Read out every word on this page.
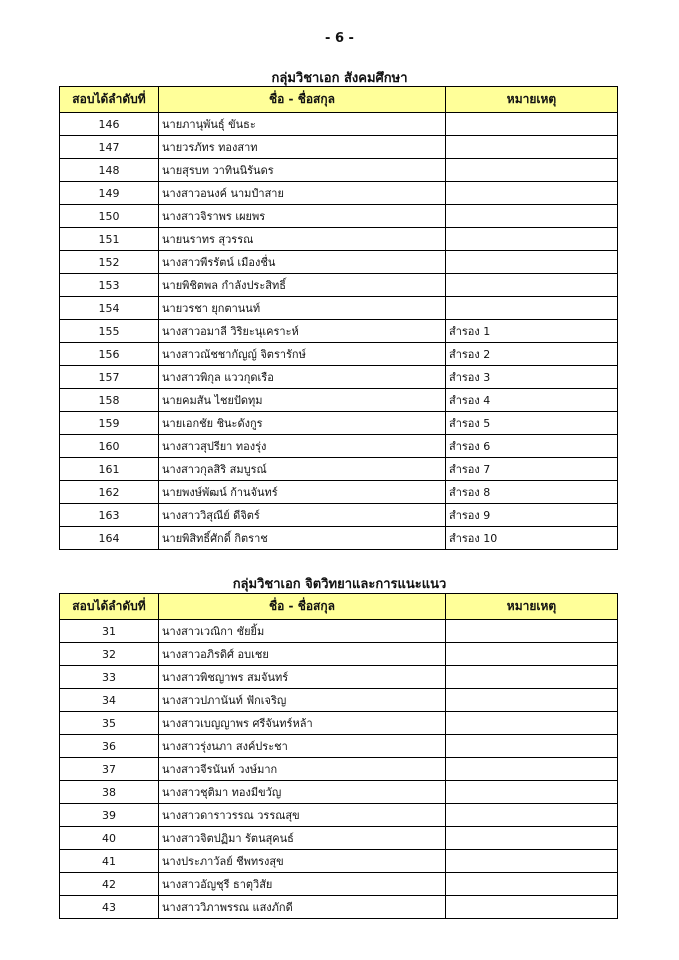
- 6 -
กลุ่มวิชาเอก สังคมศึกษา
สอบได้ลำดับที่	ชื่อ - ชื่อสกุล	หมายเหตุ
146	นายภานุพันธุ์ ขันธะ	
147	นายวรภัทร ทองสาท	
148	นายสุรบท วาทินนิรันดร	
149	นางสาวอนงค์ นามปำสาย	
150	นางสาวจิราพร เผยพร	
151	นายนราทร สุวรรณ	
152	นางสาวพีรรัตน์ เมืองชื่น	
153	นายพิชิตพล กำลังประสิทธิ์	
154	นายวรชา ยุกตานนท์	
155	นางสาวอมาลี วิริยะนุเคราะห์	สำรอง 1
156	นางสาวณัชชากัญญ์ จิตรารักษ์	สำรอง 2
157	นางสาวพิกุล แววกุดเรือ	สำรอง 3
158	นายคมสัน ไชยปัดทุม	สำรอง 4
159	นายเอกชัย ชินะดังกูร	สำรอง 5
160	นางสาวสุปรียา ทองรุ่ง	สำรอง 6
161	นางสาวกุลสิริ สมบูรณ์	สำรอง 7
162	นายพงษ์พัฒน์ ก้านจันทร์	สำรอง 8
163	นางสาววิสุณีย์ ดีจิตร์	สำรอง 9
164	นายพิสิทธิ์ศักดิ์ กิตราช	สำรอง 10
กลุ่มวิชาเอก จิตวิทยาและการแนะแนว
สอบได้ลำดับที่	ชื่อ - ชื่อสกุล	หมายเหตุ
31	นางสาวเวณิกา ชัยยิ้ม	
32	นางสาวอภิรดิศ์ อบเชย	
33	นางสาวพิชญาพร สมจันทร์	
34	นางสาวปภานันท์ ฟักเจริญ	
35	นางสาวเบญญาพร ศรีจันทร์หล้า	
36	นางสาวรุ่งนภา สงค์ประชา	
37	นางสาวจีรนันท์ วงษ์มาก	
38	นางสาวชุติมา ทองมีขวัญ	
39	นางสาวดาราวรรณ วรรณสุข	
40	นางสาวจิตปฏิมา รัตนสุคนธ์	
41	นางประภาวัลย์ ชีพทรงสุข	
42	นางสาวอัญชุรี ธาตุวิสัย	
43	นางสาววิภาพรรณ แสงภักดี	
